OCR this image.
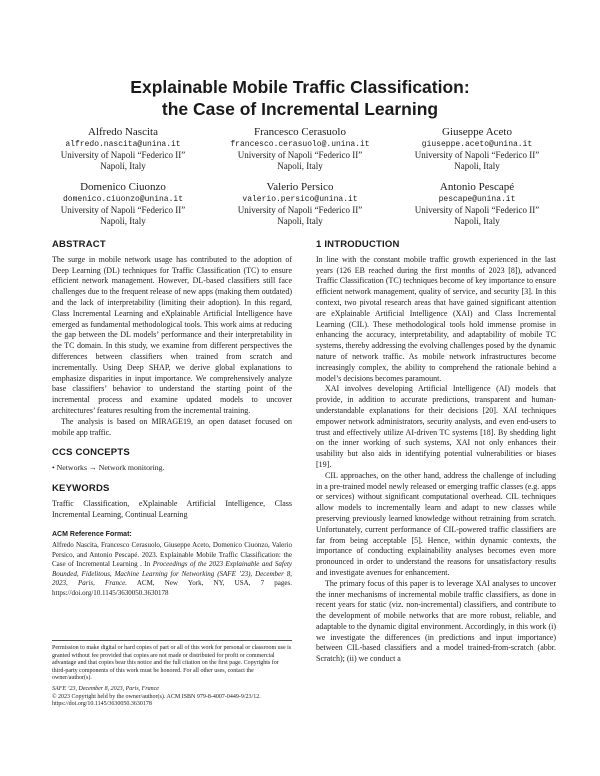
Explainable Mobile Traffic Classification:
the Case of Incremental Learning
Alfredo Nascita
alfredo.nascita@unina.it
University of Napoli “Federico II”
Napoli, Italy
Francesco Cerasuolo
francesco.cerasuolo@.unina.it
University of Napoli “Federico II”
Napoli, Italy
Giuseppe Aceto
giuseppe.aceto@unina.it
University of Napoli “Federico II”
Napoli, Italy
Domenico Ciuonzo
domenico.ciuonzo@unina.it
University of Napoli “Federico II”
Napoli, Italy
Valerio Persico
valerio.persico@unina.it
University of Napoli “Federico II”
Napoli, Italy
Antonio Pescapé
pescape@unina.it
University of Napoli “Federico II”
Napoli, Italy
ABSTRACT

The surge in mobile network usage has contributed to the adoption of Deep Learning (DL) techniques for Traffic Classification (TC) to ensure efficient network management. However, DL-based classifiers still face challenges due to the frequent release of new apps (making them outdated) and the lack of interpretability (limiting their adoption). In this regard, Class Incremental Learning and eXplainable Artificial Intelligence have emerged as fundamental methodological tools. This work aims at reducing the gap between the DL models’ performance and their interpretability in the TC domain. In this study, we examine from different perspectives the differences between classifiers when trained from scratch and incrementally. Using Deep SHAP, we derive global explanations to emphasize disparities in input importance. We comprehensively analyze base classifiers’ behavior to understand the starting point of the incremental process and examine updated models to uncover architectures’ features resulting from the incremental training.

The analysis is based on MIRAGE19, an open dataset focused on mobile app traffic.

CCS CONCEPTS

• Networks → Network monitoring.

KEYWORDS

Traffic Classification, eXplainable Artificial Intelligence, Class Incremental Learning, Continual Learning

ACM Reference Format:

Alfredo Nascita, Francesco Cerasuolo, Giuseppe Aceto, Domenico Ciuonzo, Valerio Persico, and Antonio Pescapé. 2023. Explainable Mobile Traffic Classification: the Case of Incremental Learning . In Proceedings of the 2023 Explainable and Safety Bounded, Fidelitous, Machine Learning for Networking (SAFE ’23), December 8, 2023, Paris, France. ACM, New York, NY, USA, 7 pages. https://doi.org/10.1145/3630050.3630178

Permission to make digital or hard copies of part or all of this work for personal or classroom use is granted without fee provided that copies are not made or distributed for profit or commercial advantage and that copies bear this notice and the full citation on the first page. Copyrights for third-party components of this work must be honored. For all other uses, contact the owner/author(s).

SAFE ’23, December 8, 2023, Paris, France
© 2023 Copyright held by the owner/author(s). ACM ISBN 979-8-4007-0449-9/23/12. https://doi.org/10.1145/3630050.3630178

1 INTRODUCTION

In line with the constant mobile traffic growth experienced in the last years (126 EB reached during the first months of 2023 [8]), advanced Traffic Classification (TC) techniques become of key importance to ensure efficient network management, quality of service, and security [3]. In this context, two pivotal research areas that have gained significant attention are eXplainable Artificial Intelligence (XAI) and Class Incremental Learning (CIL). These methodological tools hold immense promise in enhancing the accuracy, interpretability, and adaptability of mobile TC systems, thereby addressing the evolving challenges posed by the dynamic nature of network traffic. As mobile network infrastructures become increasingly complex, the ability to comprehend the rationale behind a model’s decisions becomes paramount.

XAI involves developing Artificial Intelligence (AI) models that provide, in addition to accurate predictions, transparent and human-understandable explanations for their decisions [20]. XAI techniques empower network administrators, security analysts, and even end-users to trust and effectively utilize AI-driven TC systems [18]. By shedding light on the inner working of such systems, XAI not only enhances their usability but also aids in identifying potential vulnerabilities or biases [19].

CIL approaches, on the other hand, address the challenge of including in a pre-trained model newly released or emerging traffic classes (e.g. apps or services) without significant computational overhead. CIL techniques allow models to incrementally learn and adapt to new classes while preserving previously learned knowledge without retraining from scratch. Unfortunately, current performance of CIL-powered traffic classifiers are far from being acceptable [5]. Hence, within dynamic contexts, the importance of conducting explainability analyses becomes even more pronounced in order to understand the reasons for unsatisfactory results and investigate avenues for enhancement.

The primary focus of this paper is to leverage XAI analyses to uncover the inner mechanisms of incremental mobile traffic classifiers, as done in recent years for static (viz. non-incremental) classifiers, and contribute to the development of mobile networks that are more robust, reliable, and adaptable to the dynamic digital environment. Accordingly, in this work (i) we investigate the differences (in predictions and input importance) between CIL-based classifiers and a model trained-from-scratch (abbr. Scratch); (ii) we conduct a
